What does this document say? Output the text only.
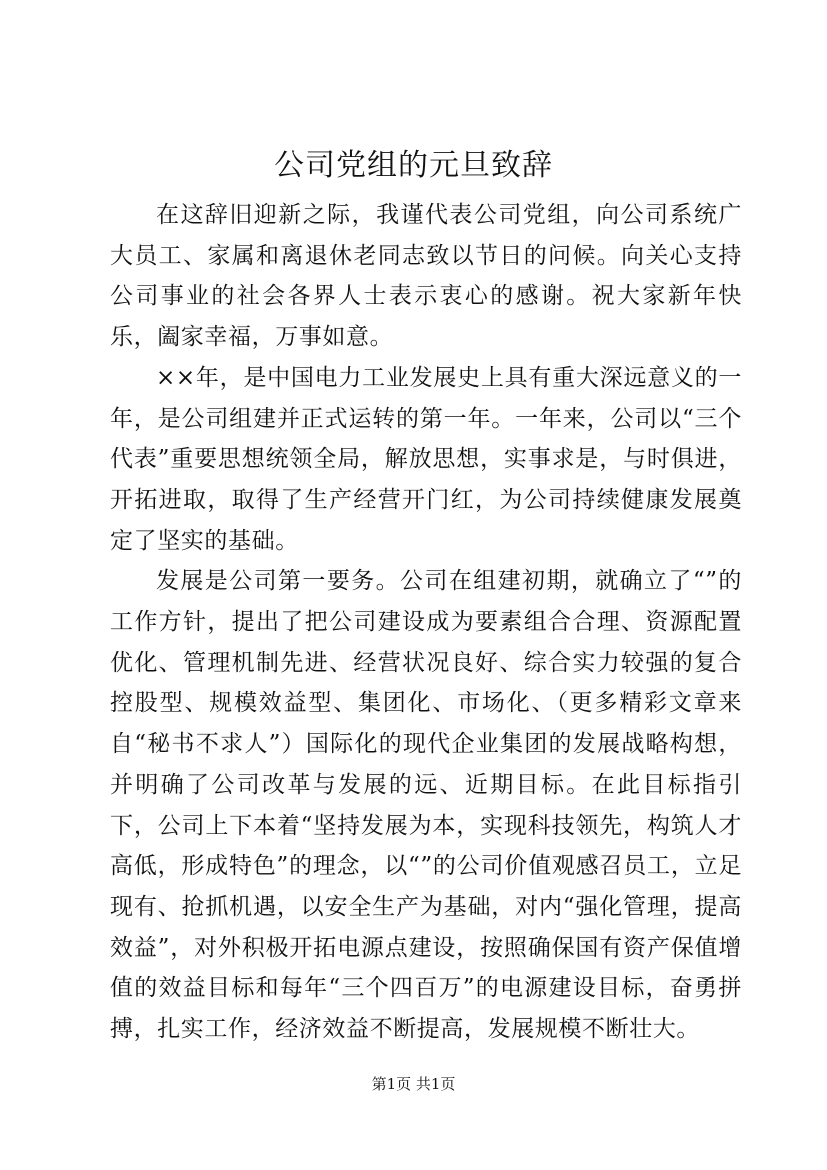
公司党组的元旦致辞

在这辞旧迎新之际，我谨代表公司党组，向公司系统广大员工、家属和离退休老同志致以节日的问候。向关心支持公司事业的社会各界人士表示衷心的感谢。祝大家新年快乐，阖家幸福，万事如意。

××年，是中国电力工业发展史上具有重大深远意义的一年，是公司组建并正式运转的第一年。一年来，公司以“三个代表”重要思想统领全局，解放思想，实事求是，与时俱进，开拓进取，取得了生产经营开门红，为公司持续健康发展奠定了坚实的基础。

发展是公司第一要务。公司在组建初期，就确立了“”的工作方针，提出了把公司建设成为要素组合合理、资源配置优化、管理机制先进、经营状况良好、综合实力较强的复合控股型、规模效益型、集团化、市场化、（更多精彩文章来自“秘书不求人”）国际化的现代企业集团的发展战略构想，并明确了公司改革与发展的远、近期目标。在此目标指引下，公司上下本着“坚持发展为本，实现科技领先，构筑人才高低，形成特色”的理念，以“”的公司价值观感召员工，立足现有、抢抓机遇，以安全生产为基础，对内“强化管理，提高效益”，对外积极开拓电源点建设，按照确保国有资产保值增值的效益目标和每年“三个四百万”的电源建设目标，奋勇拼搏，扎实工作，经济效益不断提高，发展规模不断壮大。

第1页 共1页
